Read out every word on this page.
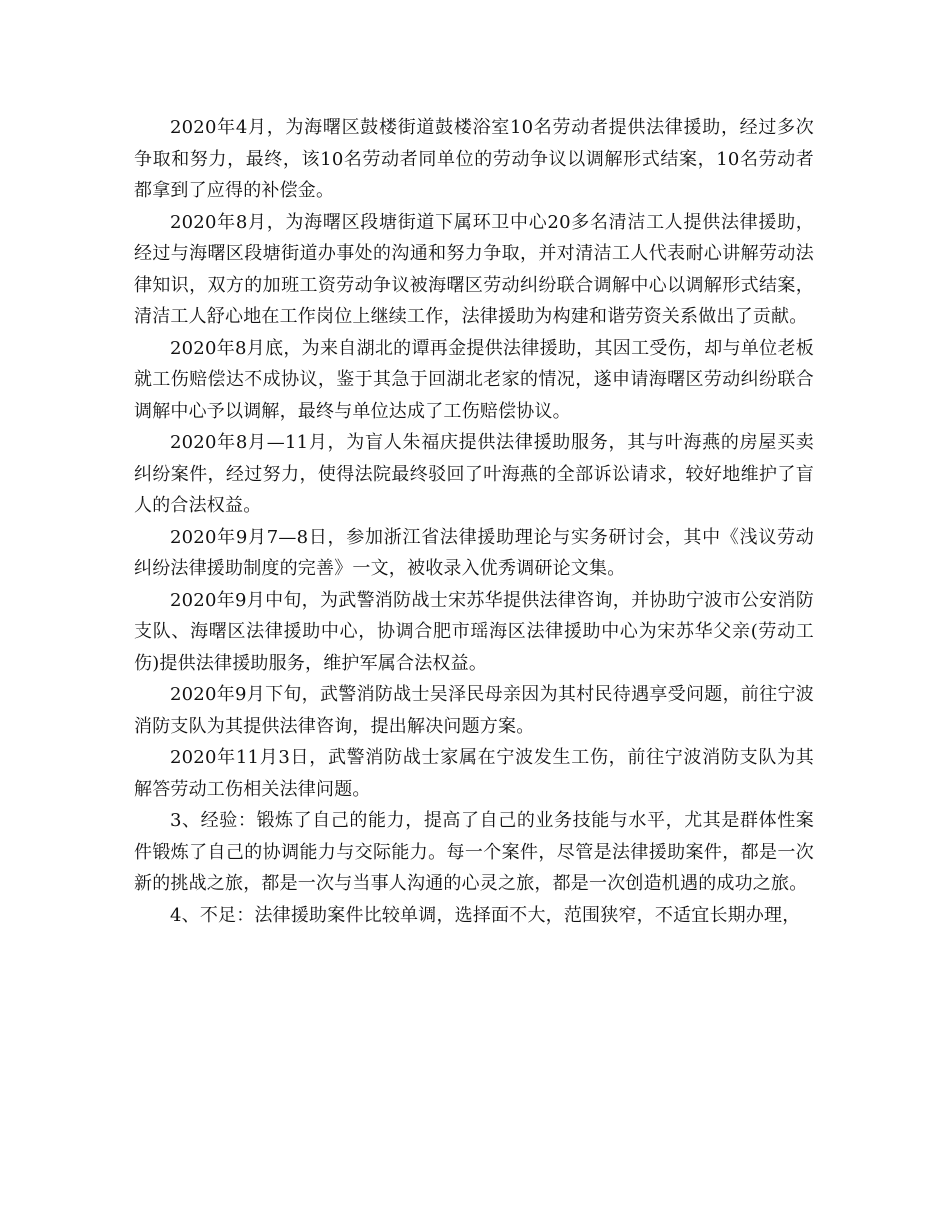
2020年4月，为海曙区鼓楼街道鼓楼浴室10名劳动者提供法律援助，经过多次争取和努力，最终，该10名劳动者同单位的劳动争议以调解形式结案，10名劳动者都拿到了应得的补偿金。

2020年8月，为海曙区段塘街道下属环卫中心20多名清洁工人提供法律援助，经过与海曙区段塘街道办事处的沟通和努力争取，并对清洁工人代表耐心讲解劳动法律知识，双方的加班工资劳动争议被海曙区劳动纠纷联合调解中心以调解形式结案，清洁工人舒心地在工作岗位上继续工作，法律援助为构建和谐劳资关系做出了贡献。

2020年8月底，为来自湖北的谭再金提供法律援助，其因工受伤，却与单位老板就工伤赔偿达不成协议，鉴于其急于回湖北老家的情况，遂申请海曙区劳动纠纷联合调解中心予以调解，最终与单位达成了工伤赔偿协议。

2020年8月—11月，为盲人朱福庆提供法律援助服务，其与叶海燕的房屋买卖纠纷案件，经过努力，使得法院最终驳回了叶海燕的全部诉讼请求，较好地维护了盲人的合法权益。

2020年9月7—8日，参加浙江省法律援助理论与实务研讨会，其中《浅议劳动纠纷法律援助制度的完善》一文，被收录入优秀调研论文集。

2020年9月中旬，为武警消防战士宋苏华提供法律咨询，并协助宁波市公安消防支队、海曙区法律援助中心，协调合肥市瑶海区法律援助中心为宋苏华父亲(劳动工伤)提供法律援助服务，维护军属合法权益。

2020年9月下旬，武警消防战士吴泽民母亲因为其村民待遇享受问题，前往宁波消防支队为其提供法律咨询，提出解决问题方案。

2020年11月3日，武警消防战士家属在宁波发生工伤，前往宁波消防支队为其解答劳动工伤相关法律问题。

3、经验：锻炼了自己的能力，提高了自己的业务技能与水平，尤其是群体性案件锻炼了自己的协调能力与交际能力。每一个案件，尽管是法律援助案件，都是一次新的挑战之旅，都是一次与当事人沟通的心灵之旅，都是一次创造机遇的成功之旅。

4、不足：法律援助案件比较单调，选择面不大，范围狭窄，不适宜长期办理，
